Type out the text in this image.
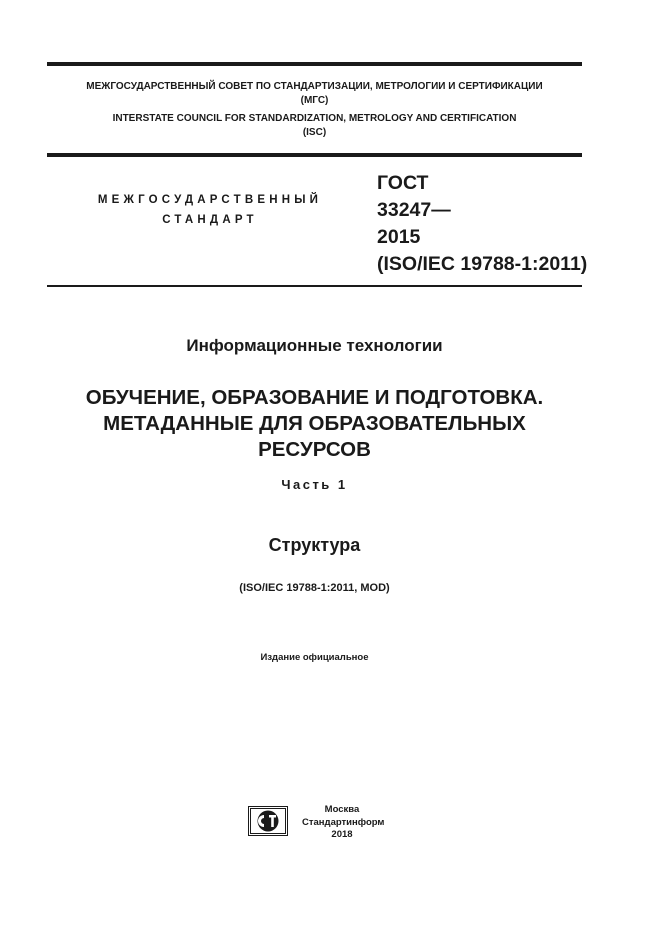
МЕЖГОСУДАРСТВЕННЫЙ СОВЕТ ПО СТАНДАРТИЗАЦИИ, МЕТРОЛОГИИ И СЕРТИФИКАЦИИ
(МГС)
INTERSTATE COUNCIL FOR STANDARDIZATION, METROLOGY AND CERTIFICATION
(ISC)
МЕЖГОСУДАРСТВЕННЫЙ
СТАНДАРТ
ГОСТ
33247—
2015
(ISO/IEC 19788-1:2011)
Информационные технологии
ОБУЧЕНИЕ, ОБРАЗОВАНИЕ И ПОДГОТОВКА.
МЕТАДАННЫЕ ДЛЯ ОБРАЗОВАТЕЛЬНЫХ
РЕСУРСОВ
Часть 1
Структура
(ISO/IEC 19788-1:2011, MOD)
Издание официальное
Москва
Стандартинформ
2018
